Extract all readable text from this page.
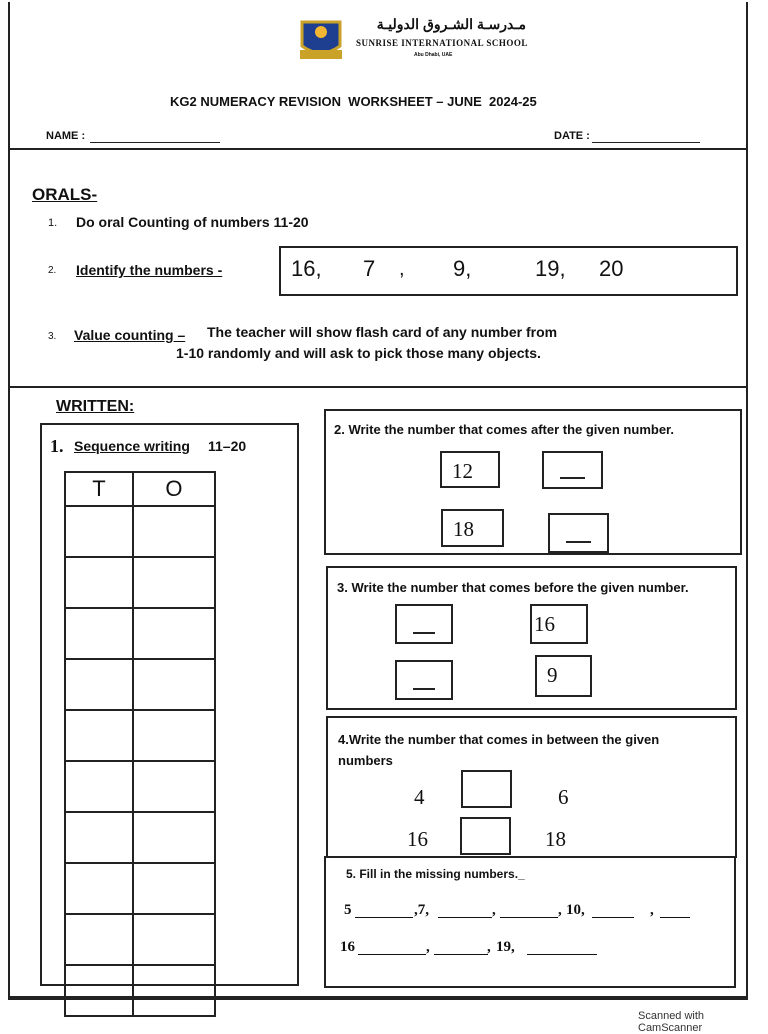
مـدرسـة الشـروق الدوليـة
SUNRISE INTERNATIONAL SCHOOL
Abu Dhabi, UAE
KG2 NUMERACY REVISION  WORKSHEET – JUNE  2024-25
NAME :	DATE :
ORALS-
1. Do oral Counting of numbers 11-20
2. Identify the numbers -	16, 7 , 9,	19, 20
3. Value counting – The teacher will show flash card of any number from
1-10 randomly and will ask to pick those many objects.
WRITTEN:
1. Sequence writing 11–20
T	O

2. Write the number that comes after the given number.
12
18
3. Write the number that comes before the given number.
16
9
4.Write the number that comes in between the given
numbers
4	6
16	18
5. Fill in the missing numbers._
5	,7,	,	, 10,	,
16	,	, 19,
Scanned with CamScanner
